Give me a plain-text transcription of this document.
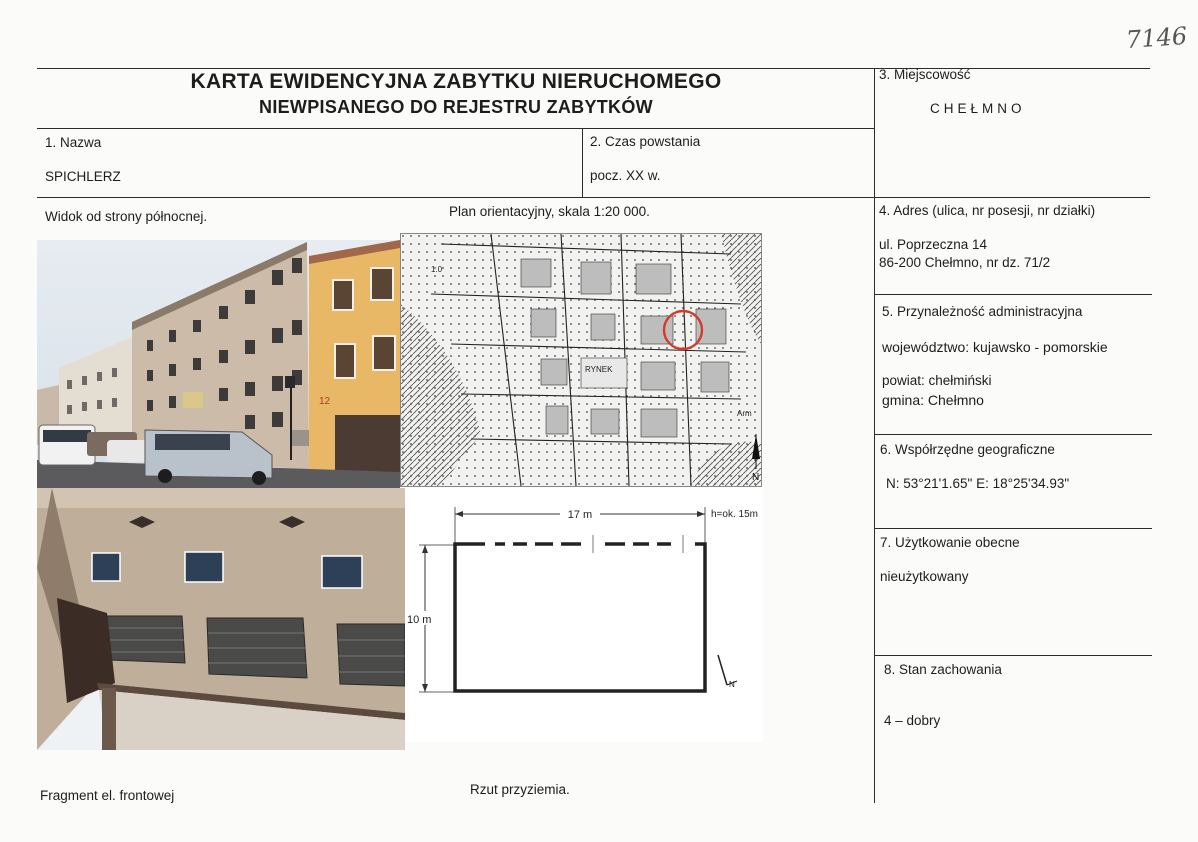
7146
KARTA EWIDENCYJNA ZABYTKU NIERUCHOMEGO
NIEWPISANEGO DO REJESTRU ZABYTKÓW
1. Nazwa
SPICHLERZ
2. Czas powstania
pocz. XX w.
3. Miejscowość
CHEŁMNO
4. Adres (ulica, nr posesji, nr działki)
ul. Poprzeczna 14
86-200 Chełmno, nr dz. 71/2
5. Przynależność administracyjna
województwo: kujawsko - pomorskie
powiat: chełmiński
gmina: Chełmno
6. Współrzędne geograficzne
N: 53°21'1.65" E: 18°25'34.93"
7. Użytkowanie obecne
nieużytkowany
8. Stan zachowania
4 – dobry
Widok od strony północnej.	Plan orientacyjny, skala 1:20 000.
Fragment el. frontowej	Rzut przyziemia.
12
RYNEK
1.0
Arm
N
17 m	h=ok. 15m
10 m
N
